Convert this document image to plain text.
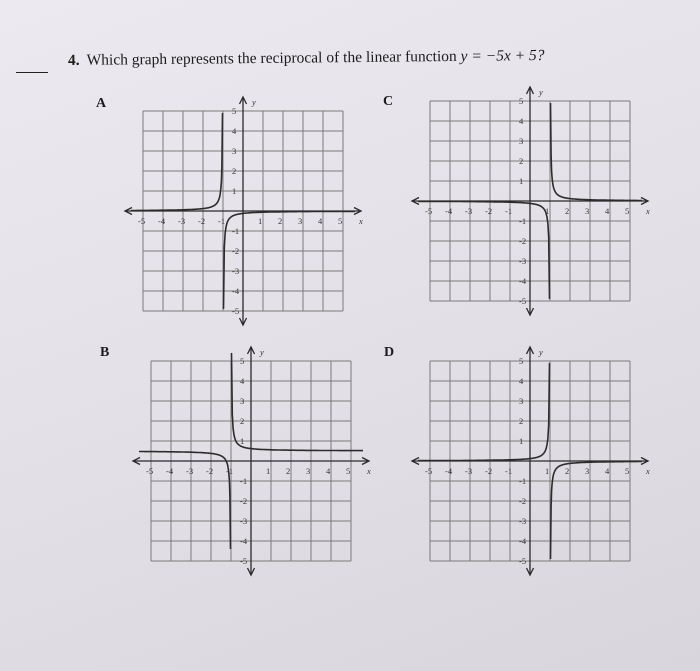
4. Which graph represents the reciprocal of the linear function y = −5x + 5?
A	C
B	D
x
y
-5 -4 -3 -2 -1	1 2 3 4 5
5
4
3
2
1
-1
-2
-3
-4
-5
x
y
-5 -4 -3 -2 -1	1 2 3 4 5
5
4
3
2
1
-1
-2
-3
-4
-5
x
y
-5 -4 -3 -2 -1	1 2 3 4 5
5
4
3
2
1
-1
-2
-3
-4
-5
x
y
-5 -4 -3 -2 -1	1 2 3 4 5
5
4
3
2
1
-1
-2
-3
-4
-5
